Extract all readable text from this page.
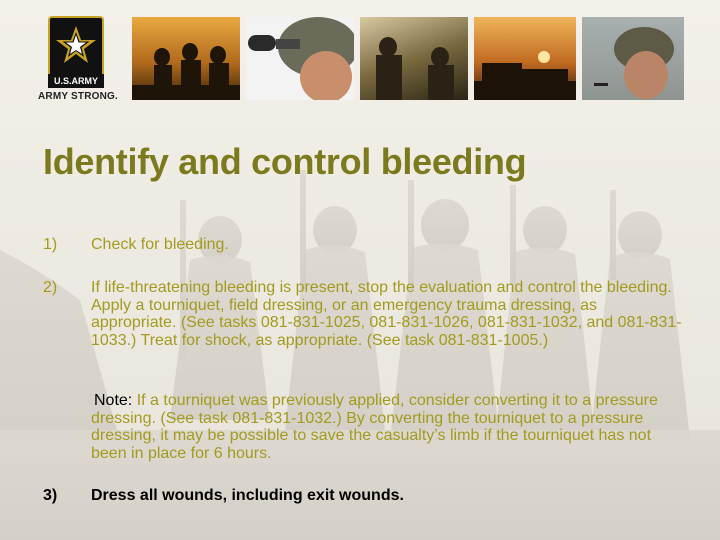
U.S.ARMY
ARMY STRONG.
Identify and control bleeding
1) Check for bleeding.
2) If life-threatening bleeding is present, stop the evaluation and control the bleeding. Apply a tourniquet, field dressing, or an emergency trauma dressing, as appropriate. (See tasks 081-831-1025, 081-831-1026, 081-831-1032, and 081-831-1033.) Treat for shock, as appropriate. (See task 081-831-1005.)
Note: If a tourniquet was previously applied, consider converting it to a pressure dressing. (See task 081-831-1032.) By converting the tourniquet to a pressure dressing, it may be possible to save the casualty’s limb if the tourniquet has not been in place for 6 hours.
3) Dress all wounds, including exit wounds.
